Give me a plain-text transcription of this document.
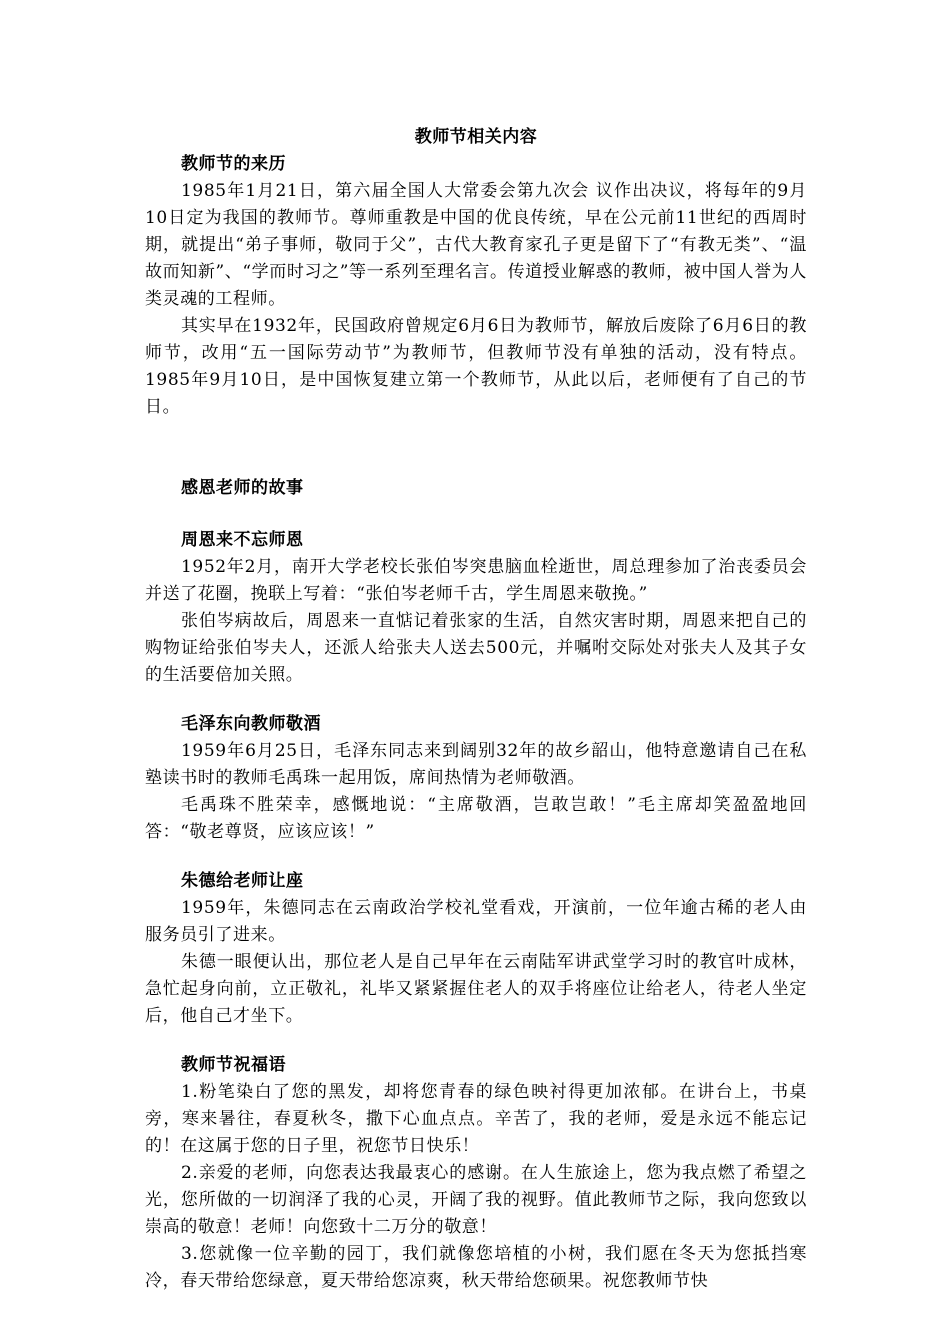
教师节相关内容

教师节的来历

1985年1月21日，第六届全国人大常委会第九次会 议作出决议，将每年的9月10日定为我国的教师节。尊师重教是中国的优良传统，早在公元前11世纪的西周时期，就提出“弟子事师，敬同于父”，古代大教育家孔子更是留下了“有教无类”、“温故而知新”、“学而时习之”等一系列至理名言。传道授业解惑的教师，被中国人誉为人类灵魂的工程师。

其实早在1932年，民国政府曾规定6月6日为教师节，解放后废除了6月6日的教师节，改用“五一国际劳动节”为教师节，但教师节没有单独的活动，没有特点。1985年9月10日，是中国恢复建立第一个教师节，从此以后，老师便有了自己的节日。

感恩老师的故事

周恩来不忘师恩

1952年2月，南开大学老校长张伯岑突患脑血栓逝世，周总理参加了治丧委员会并送了花圈，挽联上写着：“张伯岑老师千古，学生周恩来敬挽。”

张伯岑病故后，周恩来一直惦记着张家的生活，自然灾害时期，周恩来把自己的购物证给张伯岑夫人，还派人给张夫人送去500元，并嘱咐交际处对张夫人及其子女的生活要倍加关照。

毛泽东向教师敬酒

1959年6月25日，毛泽东同志来到阔别32年的故乡韶山，他特意邀请自己在私塾读书时的教师毛禹珠一起用饭，席间热情为老师敬酒。

毛禹珠不胜荣幸，感慨地说：“主席敬酒，岂敢岂敢！”毛主席却笑盈盈地回答：“敬老尊贤，应该应该！”

朱德给老师让座

1959年，朱德同志在云南政治学校礼堂看戏，开演前，一位年逾古稀的老人由服务员引了进来。

朱德一眼便认出，那位老人是自己早年在云南陆军讲武堂学习时的教官叶成林，急忙起身向前，立正敬礼，礼毕又紧紧握住老人的双手将座位让给老人，待老人坐定后，他自己才坐下。

教师节祝福语

1.粉笔染白了您的黑发，却将您青春的绿色映衬得更加浓郁。在讲台上，书桌旁，寒来暑往，春夏秋冬，撒下心血点点。辛苦了，我的老师，爱是永远不能忘记的！在这属于您的日子里，祝您节日快乐！

2.亲爱的老师，向您表达我最衷心的感谢。在人生旅途上，您为我点燃了希望之光，您所做的一切润泽了我的心灵，开阔了我的视野。值此教师节之际，我向您致以崇高的敬意！老师！向您致十二万分的敬意！

3.您就像一位辛勤的园丁，我们就像您培植的小树，我们愿在冬天为您抵挡寒冷，春天带给您绿意，夏天带给您凉爽，秋天带给您硕果。祝您教师节快
